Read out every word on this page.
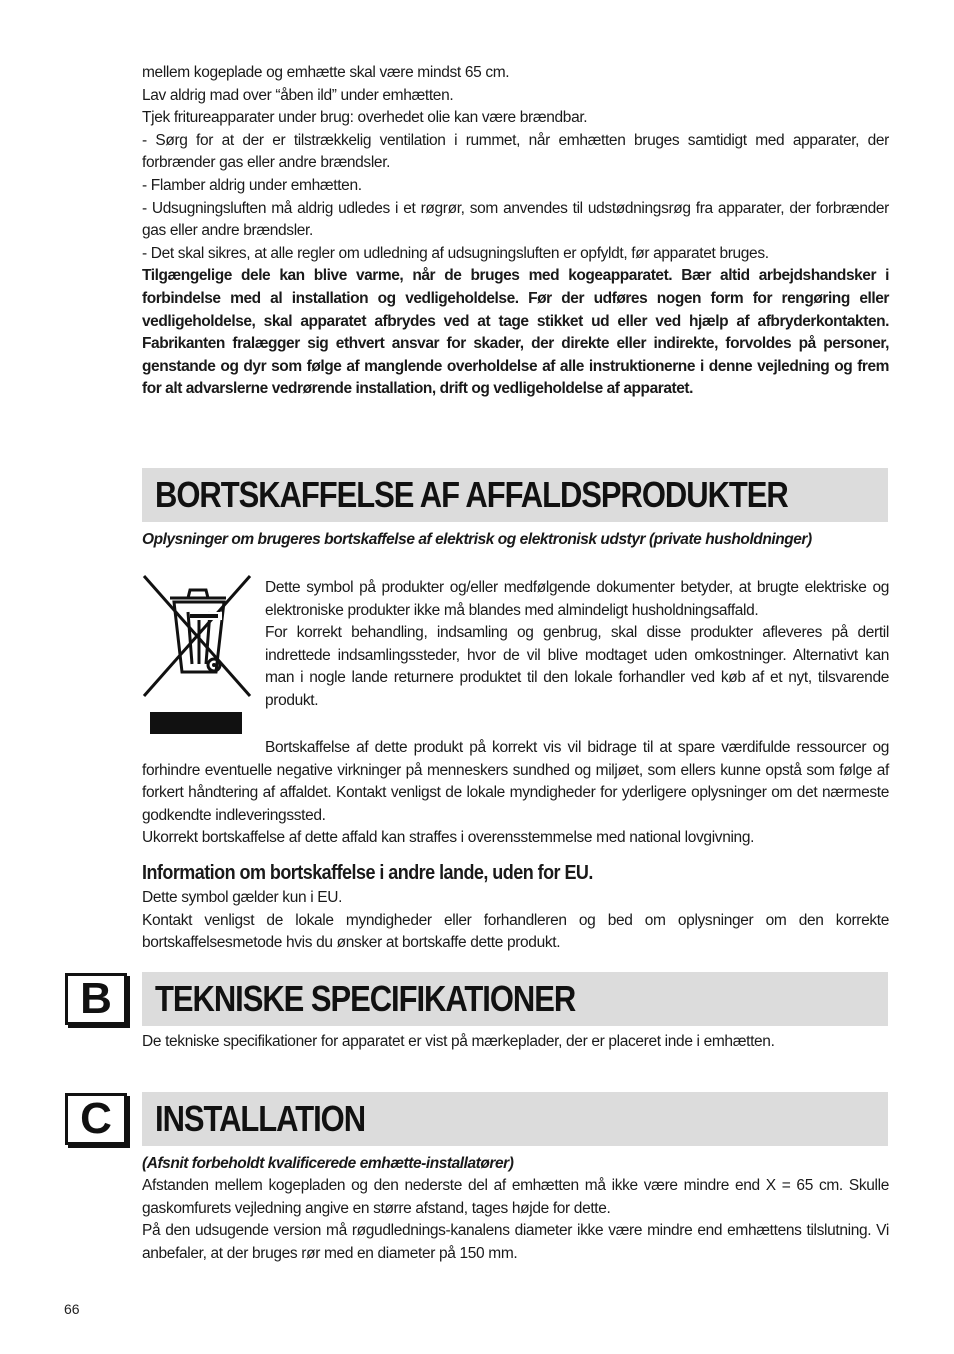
mellem kogeplade og emhætte skal være mindst 65 cm.

Lav aldrig mad over “åben ild” under emhætten.

Tjek fritureapparater under brug: overhedet olie kan være brændbar.

- Sørg for at der er tilstrækkelig ventilation i rummet, når emhætten bruges samtidigt med apparater, der forbrænder gas eller andre brændsler.

- Flamber aldrig under emhætten.

- Udsugningsluften må aldrig udledes i et røgrør, som anvendes til udstødningsrøg fra apparater, der forbrænder gas eller andre brændsler.

- Det skal sikres, at alle regler om udledning af udsugningsluften er opfyldt, før apparatet bruges.

Tilgængelige dele kan blive varme, når de bruges med kogeapparatet. Bær altid arbejdshandsker i forbindelse med al installation og vedligeholdelse. Før der udføres nogen form for rengøring eller vedligeholdelse, skal apparatet afbrydes ved at tage stikket ud eller ved hjælp af afbryderkontakten. Fabrikanten fralægger sig ethvert ansvar for skader, der direkte eller indirekte, forvoldes på personer, genstande og dyr som følge af manglende overholdelse af alle instruktionerne i denne vejledning og frem for alt advarslerne vedrørende installation, drift og vedligeholdelse af apparatet.

BORTSKAFFELSE AF AFFALDSPRODUKTER
Oplysninger om brugeres bortskaffelse af elektrisk og elektronisk udstyr (private husholdninger)

Dette symbol på produkter og/eller medfølgende dokumenter betyder, at brugte elektriske og elektroniske produkter ikke må blandes med almindeligt husholdningsaffald.

For korrekt behandling, indsamling og genbrug, skal disse produkter afleveres på dertil indrettede indsamlingssteder, hvor de vil blive modtaget uden omkostninger. Alternativt kan man i nogle lande returnere produktet til den lokale forhandler ved køb af et nyt, tilsvarende produkt.

Bortskaffelse af dette produkt på korrekt vis vil bidrage til at spare værdifulde ressourcer og forhindre eventuelle negative virkninger på menneskers sundhed og miljøet, som ellers kunne opstå som følge af forkert håndtering af affaldet. Kontakt venligst de lokale myndigheder for yderligere oplysninger om det nærmeste godkendte indleveringssted.

Ukorrekt bortskaffelse af dette affald kan straffes i overensstemmelse med national lovgivning.

Information om bortskaffelse i andre lande, uden for EU.

Dette symbol gælder kun i EU.

Kontakt venligst de lokale myndigheder eller forhandleren og bed om oplysninger om den korrekte bortskaffelsesmetode hvis du ønsker at bortskaffe dette produkt.

B	TEKNISKE SPECIFIKATIONER

De tekniske specifikationer for apparatet er vist på mærkeplader, der er placeret inde i emhætten.

C	INSTALLATION
(Afsnit forbeholdt kvalificerede emhætte-installatører)

Afstanden mellem kogepladen og den nederste del af emhætten må ikke være mindre end X = 65 cm. Skulle gaskomfurets vejledning angive en større afstand, tages højde for dette.

På den udsugende version må røgudlednings-kanalens diameter ikke være mindre end emhættens tilslutning. Vi anbefaler, at der bruges rør med en diameter på 150 mm.

66
